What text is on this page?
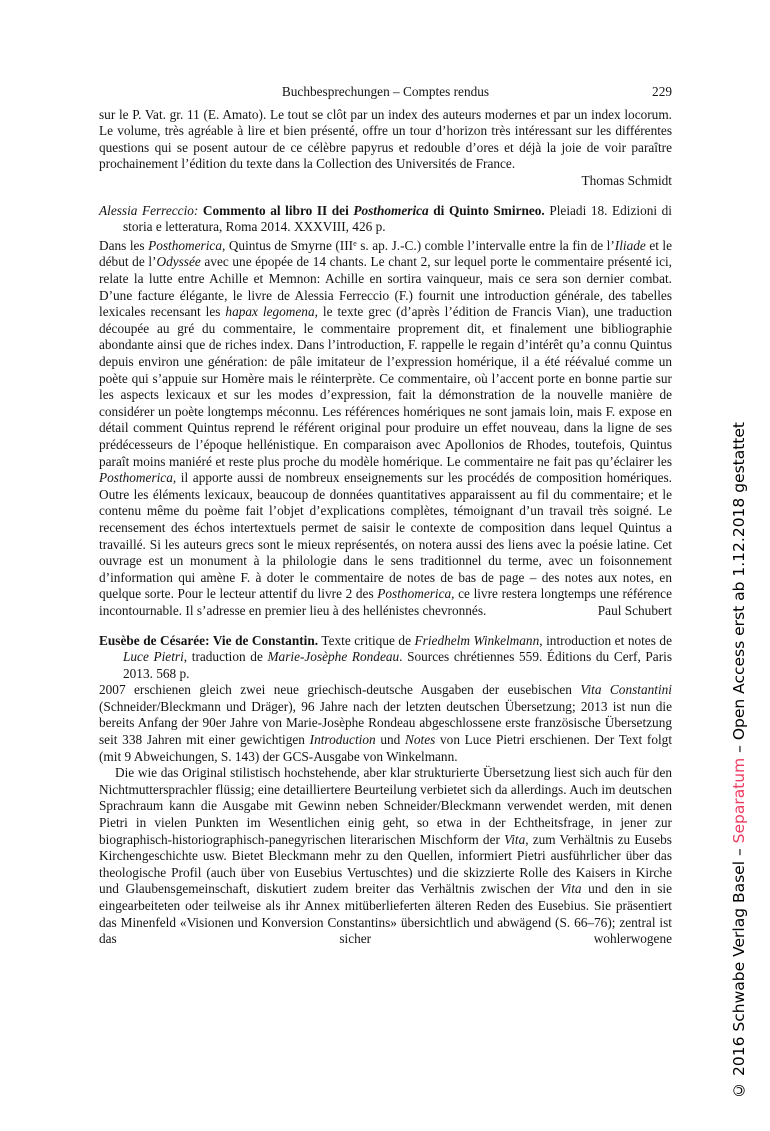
Buchbesprechungen – Comptes rendus	229
sur le P. Vat. gr. 11 (E. Amato). Le tout se clôt par un index des auteurs modernes et par un index locorum. Le volume, très agréable à lire et bien présenté, offre un tour d’horizon très intéressant sur les différentes questions qui se posent autour de ce célèbre papyrus et redouble d’ores et déjà la joie de voir paraître prochainement l’édition du texte dans la Collection des Universités de France.
Thomas Schmidt
Alessia Ferreccio: Commento al libro II dei Posthomerica di Quinto Smirneo. Pleiadi 18. Edizioni di storia e letteratura, Roma 2014. XXXVIII, 426 p.
Dans les Posthomerica, Quintus de Smyrne (IIIe s. ap. J.-C.) comble l’intervalle entre la fin de l’Iliade et le début de l’Odyssée avec une épopée de 14 chants. Le chant 2, sur lequel porte le commentaire présenté ici, relate la lutte entre Achille et Memnon: Achille en sortira vainqueur, mais ce sera son dernier combat. D’une facture élégante, le livre de Alessia Ferreccio (F.) fournit une introduction générale, des tabelles lexicales recensant les hapax legomena, le texte grec (d’après l’édition de Francis Vian), une traduction découpée au gré du commentaire, le commentaire proprement dit, et finalement une bibliographie abondante ainsi que de riches index. Dans l’introduction, F. rappelle le regain d’intérêt qu’a connu Quintus depuis environ une génération: de pâle imitateur de l’expression homérique, il a été réévalué comme un poète qui s’appuie sur Homère mais le réinterprète. Ce commentaire, où l’accent porte en bonne partie sur les aspects lexicaux et sur les modes d’expression, fait la démonstration de la nouvelle manière de considérer un poète longtemps méconnu. Les références homériques ne sont jamais loin, mais F. expose en détail comment Quintus reprend le référent original pour produire un effet nouveau, dans la ligne de ses prédécesseurs de l’époque hellénistique. En comparaison avec Apollonios de Rhodes, toutefois, Quintus paraît moins maniéré et reste plus proche du modèle homérique. Le commentaire ne fait pas qu’éclairer les Posthomerica, il apporte aussi de nombreux enseignements sur les procédés de composition homériques. Outre les éléments lexicaux, beaucoup de données quantitatives apparaissent au fil du commentaire; et le contenu même du poème fait l’objet d’explications complètes, témoignant d’un travail très soigné. Le recensement des échos intertextuels permet de saisir le contexte de composition dans lequel Quintus a travaillé. Si les auteurs grecs sont le mieux représentés, on notera aussi des liens avec la poésie latine. Cet ouvrage est un monument à la philologie dans le sens traditionnel du terme, avec un foisonnement d’information qui amène F. à doter le commentaire de notes de bas de page – des notes aux notes, en quelque sorte. Pour le lecteur attentif du livre 2 des Posthomerica, ce livre restera longtemps une référence incontournable. Il s’adresse en premier lieu à des hellénistes chevronnés.	Paul Schubert
Eusèbe de Césarée: Vie de Constantin. Texte critique de Friedhelm Winkelmann, introduction et notes de Luce Pietri, traduction de Marie-Josèphe Rondeau. Sources chrétiennes 559. Éditions du Cerf, Paris 2013. 568 p.
2007 erschienen gleich zwei neue griechisch-deutsche Ausgaben der eusebischen Vita Constantini (Schneider/Bleckmann und Dräger), 96 Jahre nach der letzten deutschen Übersetzung; 2013 ist nun die bereits Anfang der 90er Jahre von Marie-Josèphe Rondeau abgeschlossene erste französische Übersetzung seit 338 Jahren mit einer gewichtigen Introduction und Notes von Luce Pietri erschienen. Der Text folgt (mit 9 Abweichungen, S. 143) der GCS-Ausgabe von Winkelmann.
Die wie das Original stilistisch hochstehende, aber klar strukturierte Übersetzung liest sich auch für den Nichtmuttersprachler flüssig; eine detailliertere Beurteilung verbietet sich da allerdings. Auch im deutschen Sprachraum kann die Ausgabe mit Gewinn neben Schneider/Bleckmann verwendet werden, mit denen Pietri in vielen Punkten im Wesentlichen einig geht, so etwa in der Echtheitsfrage, in jener zur biographisch-historiographisch-panegyrischen literarischen Mischform der Vita, zum Verhältnis zu Eusebs Kirchengeschichte usw. Bietet Bleckmann mehr zu den Quellen, informiert Pietri ausführlicher über das theologische Profil (auch über von Eusebius Vertuschtes) und die skizzierte Rolle des Kaisers in Kirche und Glaubensgemeinschaft, diskutiert zudem breiter das Verhältnis zwischen der Vita und den in sie eingearbeiteten oder teilweise als ihr Annex mitüberlieferten älteren Reden des Eusebius. Sie präsentiert das Minenfeld «Visionen und Konversion Constantins» übersichtlich und abwägend (S. 66–76); zentral ist das sicher wohlerwogene	© 2016 Schwabe Verlag Basel – Separatum – Open Access erst ab 1.12.2018 gestattet
